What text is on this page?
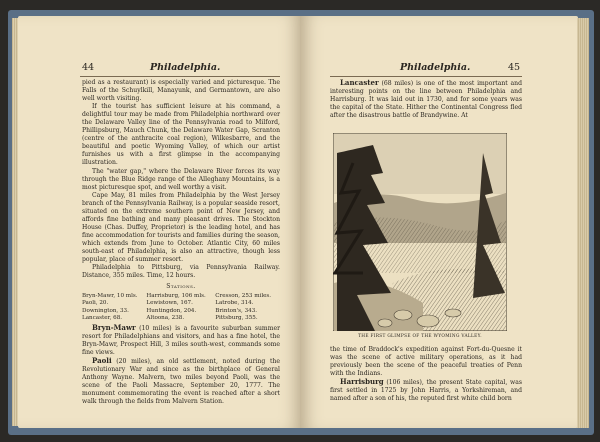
44	Philadelphia.

pied as a restaurant) is especially varied and picturesque. The Falls of the Schuylkill, Manayunk, and Germantown, are also well worth visiting.

If the tourist has sufficient leisure at his command, a delightful tour may be made from Philadelphia northward over the Delaware Valley line of the Pennsylvania road to Milford, Phillipsburg, Mauch Chunk, the Delaware Water Gap, Scranton (centre of the anthracite coal region), Wilkesbarre, and the beautiful and poetic Wyoming Valley, of which our artist furnishes us with a first glimpse in the accompanying illustration.

The "water gap," where the Delaware River forces its way through the Blue Ridge range of the Alleghany Mountains, is a most picturesque spot, and well worthy a visit.

Cape May, 81 miles from Philadelphia by the West Jersey branch of the Pennsylvania Railway, is a popular seaside resort, situated on the extreme southern point of New Jersey, and affords fine bathing and many pleasant drives. The Stockton House (Chas. Duffey, Proprietor) is the leading hotel, and has fine accommodation for tourists and families during the season, which extends from June to October. Atlantic City, 60 miles south-east of Philadelphia, is also an attractive, though less popular, place of summer resort.

Philadelphia to Pittsburg, via Pennsylvania Railway. Distance, 355 miles. Time, 12 hours.

Stations.

Bryn-Mawr, 10 mls.	Harrisburg, 106 mls.	Cresson, 253 miles.
Paoli, 20.	Lewistown, 167.	Latrobe, 314.
Downington, 33.	Huntingdon, 204.	Brinton's, 343.
Lancaster, 68.	Altoona, 238.	Pittsburg, 355.

Bryn-Mawr (10 miles) is a favourite suburban summer resort for Philadelphians and visitors, and has a fine hotel, the Bryn-Mawr, Prospect Hill, 3 miles south-west, commands some fine views.

Paoli (20 miles), an old settlement, noted during the Revolutionary War and since as the birthplace of General Anthony Wayne. Malvern, two miles beyond Paoli, was the scene of the Paoli Massacre, September 20, 1777. The monument commemorating the event is reached after a short walk through the fields from Malvern Station.

Philadelphia.	45

Lancaster (68 miles) is one of the most important and interesting points on the line between Philadelphia and Harrisburg. It was laid out in 1730, and for some years was the capital of the State. Hither the Continental Congress fled after the disastrous battle of Brandywine. At

THE FIRST GLIMPSE OF THE WYOMING VALLEY.

the time of Braddock's expedition against Fort-du-Quesne it was the scene of active military operations, as it had previously been the scene of the peaceful treaties of Penn with the Indians.

Harrisburg (106 miles), the present State capital, was first settled in 1725 by John Harris, a Yorkshireman, and named after a son of his, the reputed first white child born
